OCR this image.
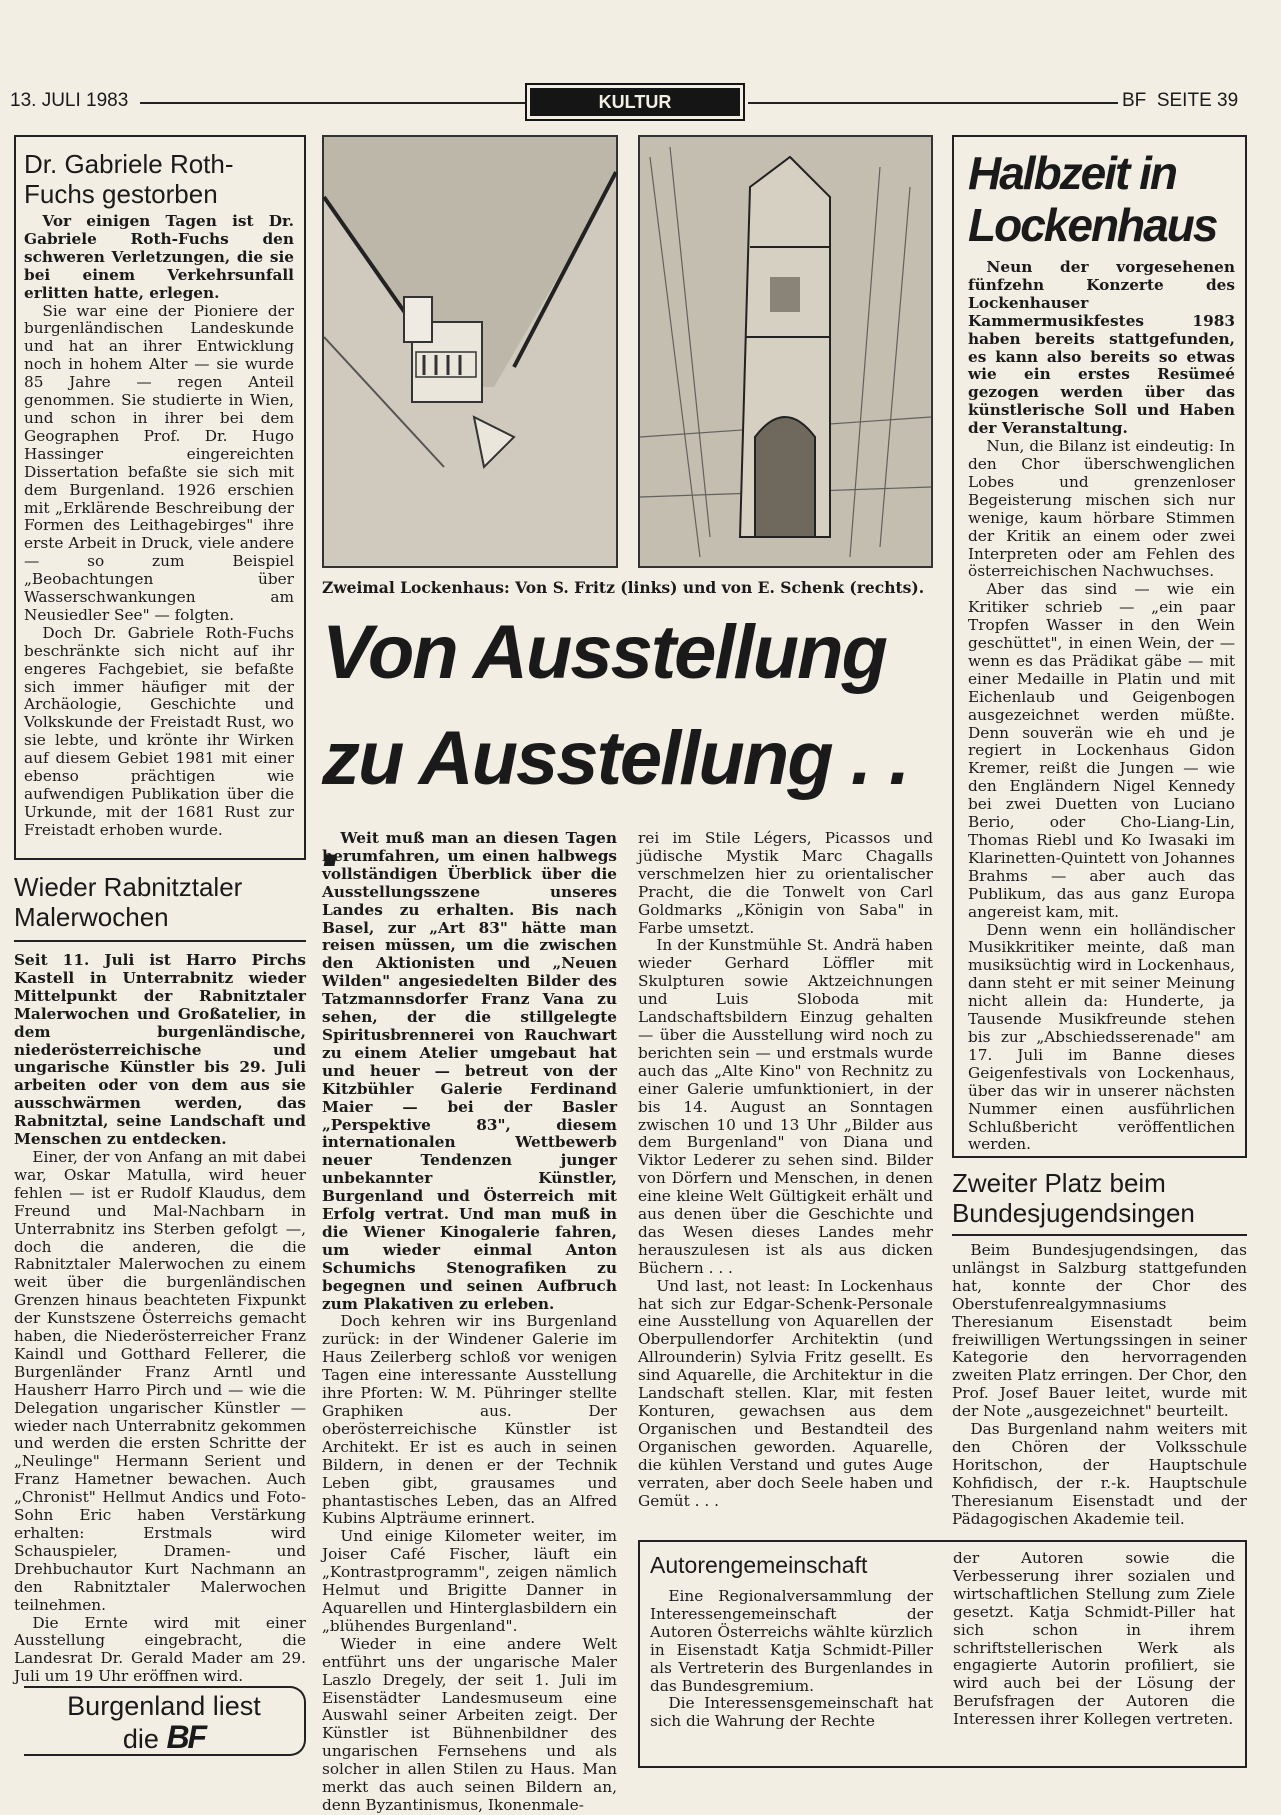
13. JULI 1983	KULTUR	BF  SEITE 39
Dr. Gabriele Roth-Fuchs gestorben

Vor einigen Tagen ist Dr. Gabriele Roth-Fuchs den schweren Verletzungen, die sie bei einem Verkehrsunfall erlitten hatte, erlegen.

Sie war eine der Pioniere der burgenländischen Landeskunde und hat an ihrer Entwicklung noch in hohem Alter — sie wurde 85 Jahre — regen Anteil genommen. Sie studierte in Wien, und schon in ihrer bei dem Geographen Prof. Dr. Hugo Hassinger eingereichten Dissertation befaßte sie sich mit dem Burgenland. 1926 erschien mit „Erklärende Beschreibung der Formen des Leithagebirges" ihre erste Arbeit in Druck, viele andere — so zum Beispiel „Beobachtungen über Wasserschwankungen am Neusiedler See" — folgten.

Doch Dr. Gabriele Roth-Fuchs beschränkte sich nicht auf ihr engeres Fachgebiet, sie befaßte sich immer häufiger mit der Archäologie, Geschichte und Volkskunde der Freistadt Rust, wo sie lebte, und krönte ihr Wirken auf diesem Gebiet 1981 mit einer ebenso prächtigen wie aufwendigen Publikation über die Urkunde, mit der 1681 Rust zur Freistadt erhoben wurde.

Wieder Rabnitztaler Malerwochen

Seit 11. Juli ist Harro Pirchs Kastell in Unterrabnitz wieder Mittelpunkt der Rabnitztaler Malerwochen und Großatelier, in dem burgenländische, niederösterreichische und ungarische Künstler bis 29. Juli arbeiten oder von dem aus sie ausschwärmen werden, das Rabnitztal, seine Landschaft und Menschen zu entdecken.

Einer, der von Anfang an mit dabei war, Oskar Matulla, wird heuer fehlen — ist er Rudolf Klaudus, dem Freund und Mal-Nachbarn in Unterrabnitz ins Sterben gefolgt —, doch die anderen, die die Rabnitztaler Malerwochen zu einem weit über die burgenländischen Grenzen hinaus beachteten Fixpunkt der Kunstszene Österreichs gemacht haben, die Niederösterreicher Franz Kaindl und Gotthard Fellerer, die Burgenländer Franz Arntl und Hausherr Harro Pirch und — wie die Delegation ungarischer Künstler — wieder nach Unterrabnitz gekommen und werden die ersten Schritte der „Neulinge" Hermann Serient und Franz Hametner bewachen. Auch „Chronist" Hellmut Andics und Foto-Sohn Eric haben Verstärkung erhalten: Erstmals wird Schauspieler, Dramen- und Drehbuchautor Kurt Nachmann an den Rabnitztaler Malerwochen teilnehmen.

Die Ernte wird mit einer Ausstellung eingebracht, die Landesrat Dr. Gerald Mader am 29. Juli um 19 Uhr eröffnen wird.

Burgenland liest
die BF
Zweimal Lockenhaus: Von S. Fritz (links) und von E. Schenk (rechts).
Von Ausstellung
zu Ausstellung . . . Weit muß man an diesen Tagen herumfahren, um einen halbwegs vollständigen Überblick über die Ausstellungsszene unseres Landes zu erhalten. Bis nach Basel, zur „Art 83" hätte man reisen müssen, um die zwischen den Aktionisten und „Neuen Wilden" angesiedelten Bilder des Tatzmannsdorfer Franz Vana zu sehen, der die stillgelegte Spiritusbrennerei von Rauchwart zu einem Atelier umgebaut hat und heuer — betreut von der Kitzbühler Galerie Ferdinand Maier — bei der Basler „Perspektive 83", diesem internationalen Wettbewerb neuer Tendenzen junger unbekannter Künstler, Burgenland und Österreich mit Erfolg vertrat. Und man muß in die Wiener Kinogalerie fahren, um wieder einmal Anton Schumichs Stenografiken zu begegnen und seinen Aufbruch zum Plakativen zu erleben.

Doch kehren wir ins Burgenland zurück: in der Windener Galerie im Haus Zeilerberg schloß vor wenigen Tagen eine interessante Ausstellung ihre Pforten: W. M. Pühringer stellte Graphiken aus. Der oberösterreichische Künstler ist Architekt. Er ist es auch in seinen Bildern, in denen er der Technik Leben gibt, grausames und phantastisches Leben, das an Alfred Kubins Alpträume erinnert.

Und einige Kilometer weiter, im Joiser Café Fischer, läuft ein „Kontrastprogramm", zeigen nämlich Helmut und Brigitte Danner in Aquarellen und Hinterglasbildern ein „blühendes Burgenland".

Wieder in eine andere Welt entführt uns der ungarische Maler Laszlo Dregely, der seit 1. Juli im Eisenstädter Landesmuseum eine Auswahl seiner Arbeiten zeigt. Der Künstler ist Bühnenbildner des ungarischen Fernsehens und als solcher in allen Stilen zu Haus. Man merkt das auch seinen Bildern an, denn Byzantinismus, Ikonenmale-

rei im Stile Légers, Picassos und jüdische Mystik Marc Chagalls verschmelzen hier zu orientalischer Pracht, die die Tonwelt von Carl Goldmarks „Königin von Saba" in Farbe umsetzt.

In der Kunstmühle St. Andrä haben wieder Gerhard Löffler mit Skulpturen sowie Aktzeichnungen und Luis Sloboda mit Landschaftsbildern Einzug gehalten — über die Ausstellung wird noch zu berichten sein — und erstmals wurde auch das „Alte Kino" von Rechnitz zu einer Galerie umfunktioniert, in der bis 14. August an Sonntagen zwischen 10 und 13 Uhr „Bilder aus dem Burgenland" von Diana und Viktor Lederer zu sehen sind. Bilder von Dörfern und Menschen, in denen eine kleine Welt Gültigkeit erhält und aus denen über die Geschichte und das Wesen dieses Landes mehr herauszulesen ist als aus dicken Büchern . . .

Und last, not least: In Lockenhaus hat sich zur Edgar-Schenk-Personale eine Ausstellung von Aquarellen der Oberpullendorfer Architektin (und Allrounderin) Sylvia Fritz gesellt. Es sind Aquarelle, die Architektur in die Landschaft stellen. Klar, mit festen Konturen, gewachsen aus dem Organischen und Bestandteil des Organischen geworden. Aquarelle, die kühlen Verstand und gutes Auge verraten, aber doch Seele haben und Gemüt . . .

Halbzeit in
Lockenhaus

Neun der vorgesehenen fünfzehn Konzerte des Lockenhauser Kammermusikfestes 1983 haben bereits stattgefunden, es kann also bereits so etwas wie ein erstes Resümeé gezogen werden über das künstlerische Soll und Haben der Veranstaltung.

Nun, die Bilanz ist eindeutig: In den Chor überschwenglichen Lobes und grenzenloser Begeisterung mischen sich nur wenige, kaum hörbare Stimmen der Kritik an einem oder zwei Interpreten oder am Fehlen des österreichischen Nachwuchses.

Aber das sind — wie ein Kritiker schrieb — „ein paar Tropfen Wasser in den Wein geschüttet", in einen Wein, der — wenn es das Prädikat gäbe — mit einer Medaille in Platin und mit Eichenlaub und Geigenbogen ausgezeichnet werden müßte. Denn souverän wie eh und je regiert in Lockenhaus Gidon Kremer, reißt die Jungen — wie den Engländern Nigel Kennedy bei zwei Duetten von Luciano Berio, oder Cho-Liang-Lin, Thomas Riebl und Ko Iwasaki im Klarinetten-Quintett von Johannes Brahms — aber auch das Publikum, das aus ganz Europa angereist kam, mit.

Denn wenn ein holländischer Musikkritiker meinte, daß man musiksüchtig wird in Lockenhaus, dann steht er mit seiner Meinung nicht allein da: Hunderte, ja Tausende Musikfreunde stehen bis zur „Abschiedsserenade" am 17. Juli im Banne dieses Geigenfestivals von Lockenhaus, über das wir in unserer nächsten Nummer einen ausführlichen Schlußbericht veröffentlichen werden.

Zweiter Platz beim Bundesjugendsingen

Beim Bundesjugendsingen, das unlängst in Salzburg stattgefunden hat, konnte der Chor des Oberstufenrealgymnasiums Theresianum Eisenstadt beim freiwilligen Wertungssingen in seiner Kategorie den hervorragenden zweiten Platz erringen. Der Chor, den Prof. Josef Bauer leitet, wurde mit der Note „ausgezeichnet" beurteilt.

Das Burgenland nahm weiters mit den Chören der Volksschule Horitschon, der Hauptschule Kohfidisch, der r.-k. Hauptschule Theresianum Eisenstadt und der Pädagogischen Akademie teil.

Autorengemeinschaft

Eine Regionalversammlung der Interessengemeinschaft der Autoren Österreichs wählte kürzlich in Eisenstadt Katja Schmidt-Piller als Vertreterin des Burgenlandes in das Bundesgremium.

Die Interessensgemeinschaft hat sich die Wahrung der Rechte

der Autoren sowie die Verbesserung ihrer sozialen und wirtschaftlichen Stellung zum Ziele gesetzt. Katja Schmidt-Piller hat sich schon in ihrem schriftstellerischen Werk als engagierte Autorin profiliert, sie wird auch bei der Lösung der Berufsfragen der Autoren die Interessen ihrer Kollegen vertreten.
